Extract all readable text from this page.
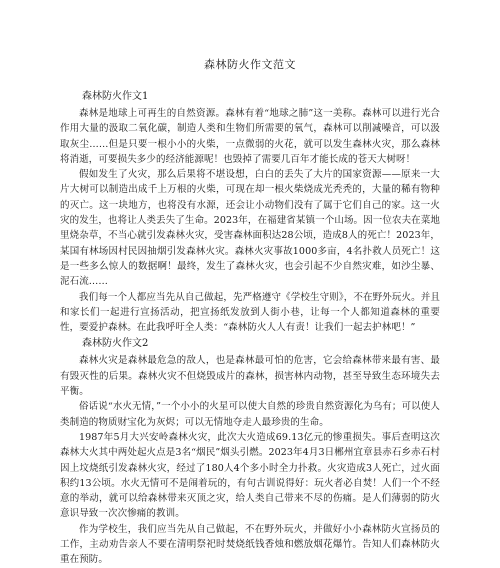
森林防火作文范文
森林防火作文1

森林是地球上可再生的自然资源。森林有着“地球之肺”这一美称。森林可以进行光合作用大量的汲取二氧化碳，制造人类和生物们所需要的氧气，森林可以削减噪音，可以汲取灰尘……但是只要一根小小的火柴，一点微弱的火花，就可以发生森林火灾，那么森林将消逝，可要损失多少的经济能源呢！也毁掉了需要几百年才能长成的苍天大树呀！

假如发生了火灾，那么后果将不堪设想，白白的丢失了大片的国家资源——原来一大片大树可以制造出成千上万根的火柴，可现在却一根火柴烧成光秃秃的，大量的稀有物种的灭亡。这一块地方，也将没有水源，还会让小动物们没有了属于它们自己的家。这一火灾的发生，也将让人类丢失了生命。2023年，在福建省某镇一个山场。因一位农夫在菜地里烧杂草，不当心就引发森林火灾，受害森林面积达28公顷，造成8人的死亡！2023年，某国有林场因村民因抽烟引发森林火灾。森林火灾事故1000多亩，4名扑救人员死亡！这是一些多么惊人的数据啊！最终，发生了森林火灾，也会引起不少自然灾难，如沙尘暴、泥石流……

我们每一个人都应当先从自己做起，先严格遵守《学校生守则》，不在野外玩火。并且和家长们一起进行宣扬活动，把宣扬纸发放到人街小巷，让每一个人都知道森林的重要性，要爱护森林。在此我呼吁全人类：“森林防火人人有责！让我们一起去护林吧！”

森林防火作文2

森林火灾是森林最危急的敌人，也是森林最可怕的危害，它会给森林带来最有害、最有毁灭性的后果。森林火灾不但烧毁成片的森林，损害林内动物，甚至导致生态环境失去平衡。

俗话说“水火无情，”一个小小的火星可以使大自然的珍贵自然资源化为乌有；可以使人类制造的物质财宝化为灰烬；可以无情地夺走人最珍贵的生命。

1987年5月大兴安岭森林火灾，此次大火造成69.13亿元的惨重损失。事后查明这次森林大火其中两处起火点是3名“烟民”烟头引燃。2023年4月3日郴州宜章县赤石乡赤石村因上坟烧纸引发森林火灾，经过了180人4个多小时全力扑救。火灾造成3人死亡，过火面积约13公顷。水火无情可不是闹着玩的，有句古训说得好：玩火者必自焚！人们一个不经意的举动，就可以给森林带来灭顶之灾，给人类自己带来不尽的伤痛。是人们薄弱的防火意识导致一次次惨痛的教训。

作为学校生，我们应当先从自己做起，不在野外玩火，并做好小小森林防火宣扬员的工作，主动劝告亲人不要在清明祭祀时焚烧纸钱香烛和燃放烟花爆竹。告知人们森林防火重在预防。
